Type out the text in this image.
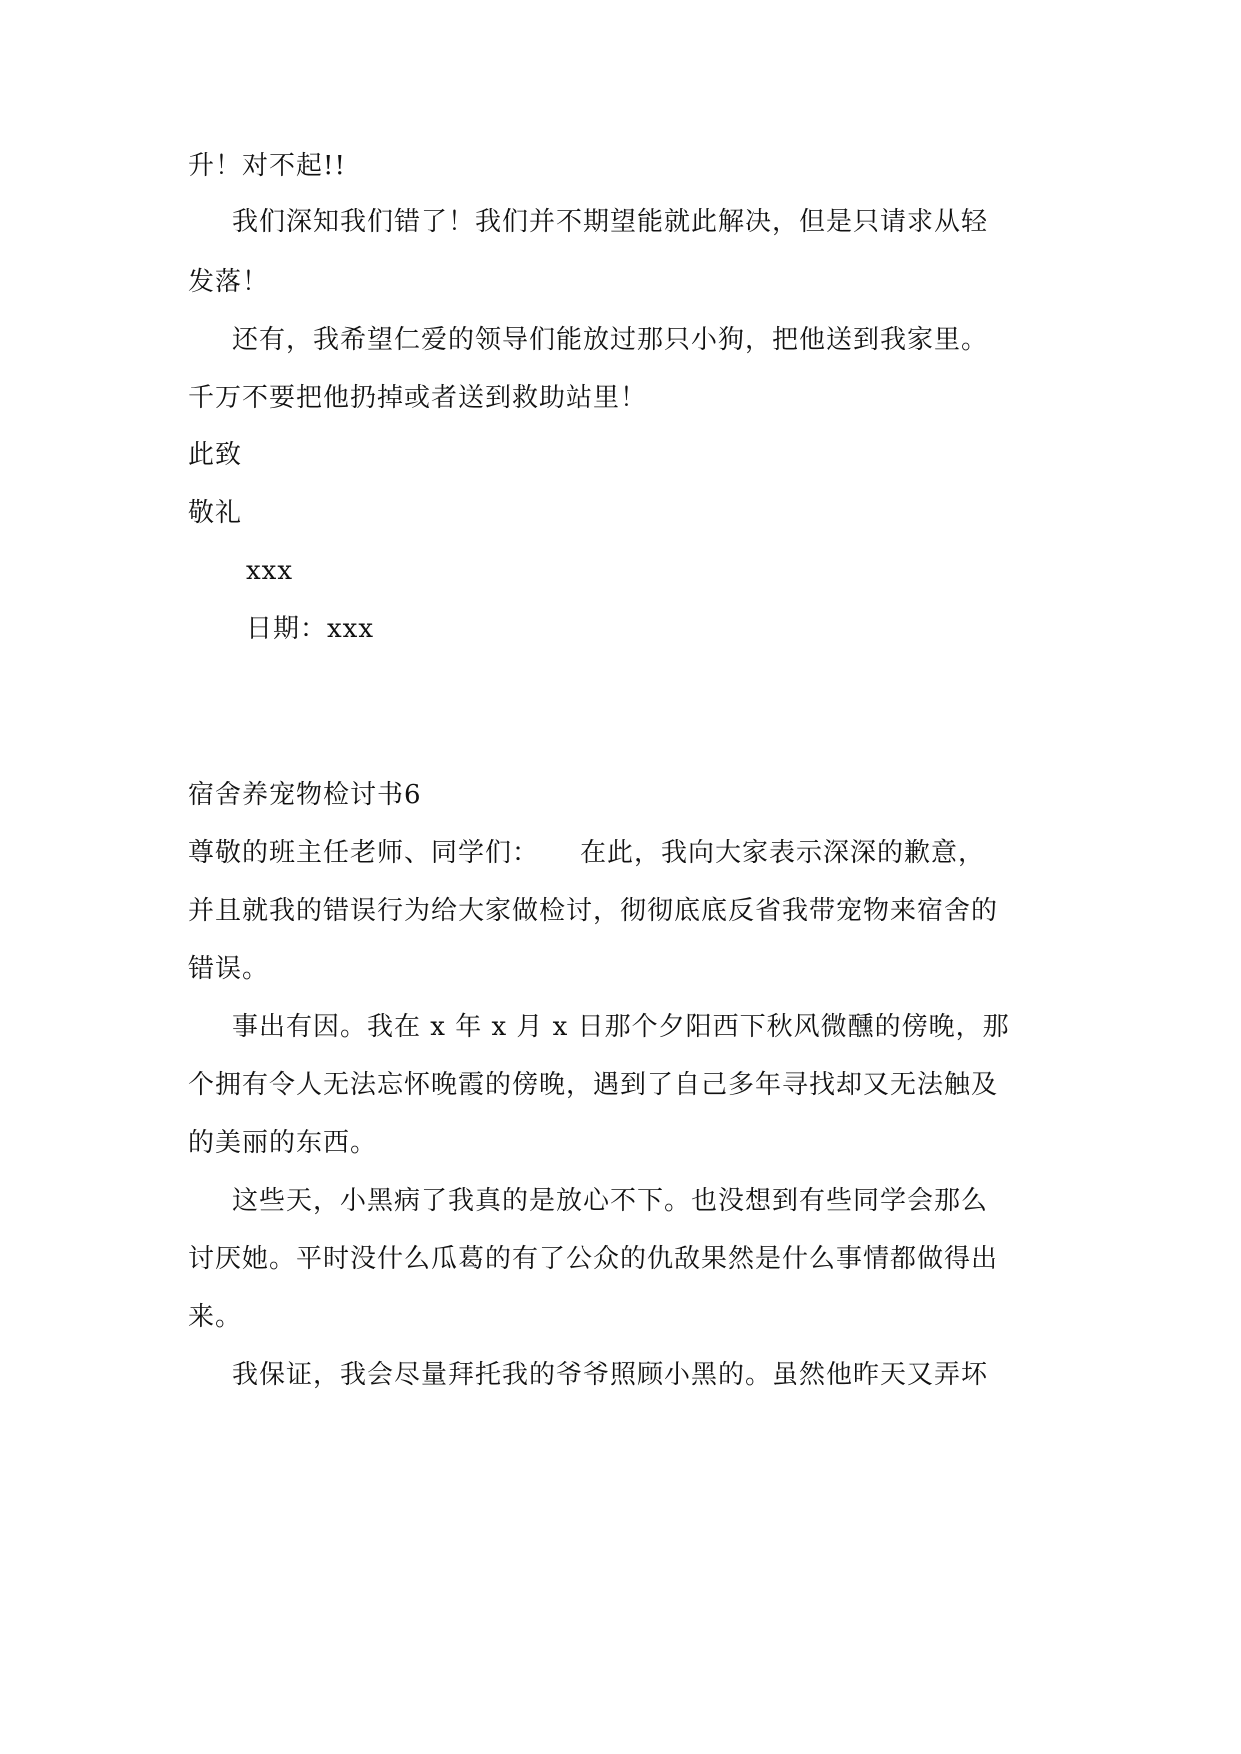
升！对不起!!
我们深知我们错了！我们并不期望能就此解决，但是只请求从轻
发落！
还有，我希望仁爱的领导们能放过那只小狗，把他送到我家里。
千万不要把他扔掉或者送到救助站里！
此致
敬礼
xxx
日期：xxx
宿舍养宠物检讨书6
尊敬的班主任老师、同学们：　　在此，我向大家表示深深的歉意，
并且就我的错误行为给大家做检讨，彻彻底底反省我带宠物来宿舍的
错误。
事出有因。我在 x 年 x 月 x 日那个夕阳西下秋风微醺的傍晚，那
个拥有令人无法忘怀晚霞的傍晚，遇到了自己多年寻找却又无法触及
的美丽的东西。
这些天，小黑病了我真的是放心不下。也没想到有些同学会那么
讨厌她。平时没什么瓜葛的有了公众的仇敌果然是什么事情都做得出
来。
我保证，我会尽量拜托我的爷爷照顾小黑的。虽然他昨天又弄坏
